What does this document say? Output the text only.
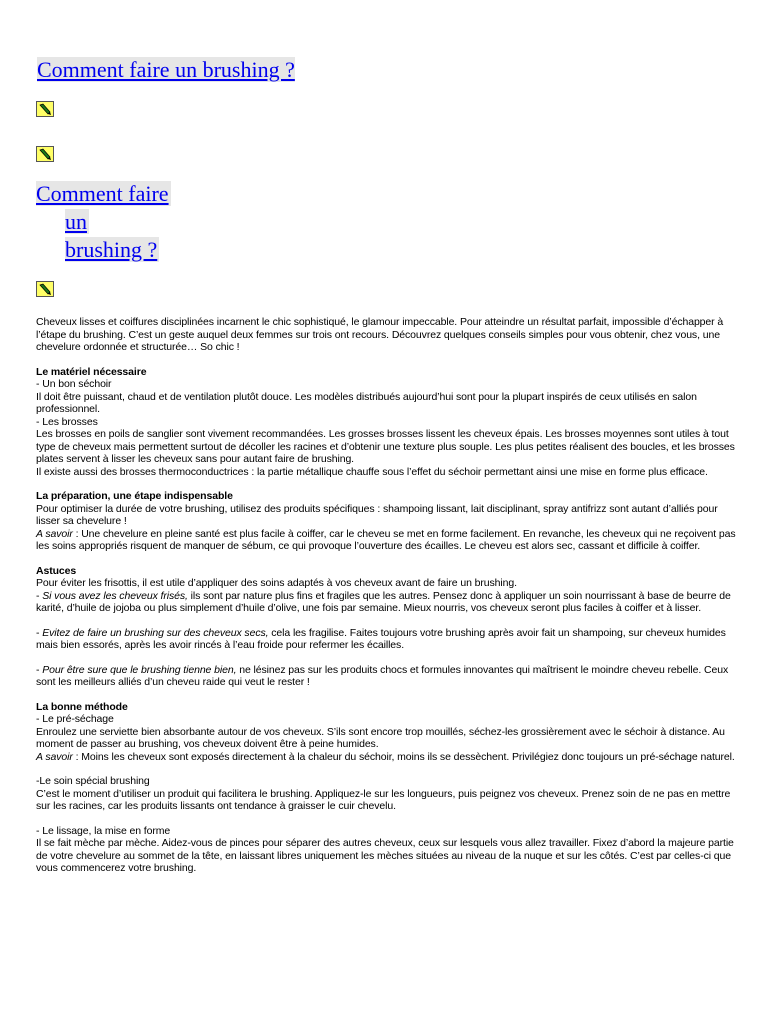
Comment faire un brushing ?
Comment faire
un
brushing ?

Cheveux lisses et coiffures disciplinées incarnent le chic sophistiqué, le glamour impeccable. Pour atteindre un résultat parfait, impossible d’échapper à l’étape du brushing. C’est un geste auquel deux femmes sur trois ont recours. Découvrez quelques conseils simples pour vous obtenir, chez vous, une chevelure ordonnée et structurée… So chic !

Le matériel nécessaire

- Un bon séchoir

Il doit être puissant, chaud et de ventilation plutôt douce. Les modèles distribués aujourd’hui sont pour la plupart inspirés de ceux utilisés en salon professionnel.

- Les brosses

Les brosses en poils de sanglier sont vivement recommandées. Les grosses brosses lissent les cheveux épais. Les brosses moyennes sont utiles à tout type de cheveux mais permettent surtout de décoller les racines et d’obtenir une texture plus souple. Les plus petites réalisent des boucles, et les brosses plates servent à lisser les cheveux sans pour autant faire de brushing.

Il existe aussi des brosses thermoconductrices : la partie métallique chauffe sous l’effet du séchoir permettant ainsi une mise en forme plus efficace.

La préparation, une étape indispensable

Pour optimiser la durée de votre brushing, utilisez des produits spécifiques : shampoing lissant, lait disciplinant, spray antifrizz sont autant d’alliés pour lisser sa chevelure !

A savoir : Une chevelure en pleine santé est plus facile à coiffer, car le cheveu se met en forme facilement. En revanche, les cheveux qui ne reçoivent pas les soins appropriés risquent de manquer de sébum, ce qui provoque l’ouverture des écailles. Le cheveu est alors sec, cassant et difficile à coiffer.

Astuces

Pour éviter les frisottis, il est utile d’appliquer des soins adaptés à vos cheveux avant de faire un brushing.

- Si vous avez les cheveux frisés, ils sont par nature plus fins et fragiles que les autres. Pensez donc à appliquer un soin nourrissant à base de beurre de karité, d’huile de jojoba ou plus simplement d’huile d’olive, une fois par semaine. Mieux nourris, vos cheveux seront plus faciles à coiffer et à lisser.

- Evitez de faire un brushing sur des cheveux secs, cela les fragilise. Faites toujours votre brushing après avoir fait un shampoing, sur cheveux humides mais bien essorés, après les avoir rincés à l’eau froide pour refermer les écailles.

- Pour être sure que le brushing tienne bien, ne lésinez pas sur les produits chocs et formules innovantes qui maîtrisent le moindre cheveu rebelle. Ceux sont les meilleurs alliés d’un cheveu raide qui veut le rester !

La bonne méthode

- Le pré-séchage

Enroulez une serviette bien absorbante autour de vos cheveux. S’ils sont encore trop mouillés, séchez-les grossièrement avec le séchoir à distance. Au moment de passer au brushing, vos cheveux doivent être à peine humides.

A savoir : Moins les cheveux sont exposés directement à la chaleur du séchoir, moins ils se dessèchent. Privilégiez donc toujours un pré-séchage naturel.

-Le soin spécial brushing

C’est le moment d’utiliser un produit qui facilitera le brushing. Appliquez-le sur les longueurs, puis peignez vos cheveux. Prenez soin de ne pas en mettre sur les racines, car les produits lissants ont tendance à graisser le cuir chevelu.

- Le lissage, la mise en forme

Il se fait mèche par mèche. Aidez-vous de pinces pour séparer des autres cheveux, ceux sur lesquels vous allez travailler. Fixez d’abord la majeure partie de votre chevelure au sommet de la tête, en laissant libres uniquement les mèches situées au niveau de la nuque et sur les côtés. C’est par celles-ci que vous commencerez votre brushing.
